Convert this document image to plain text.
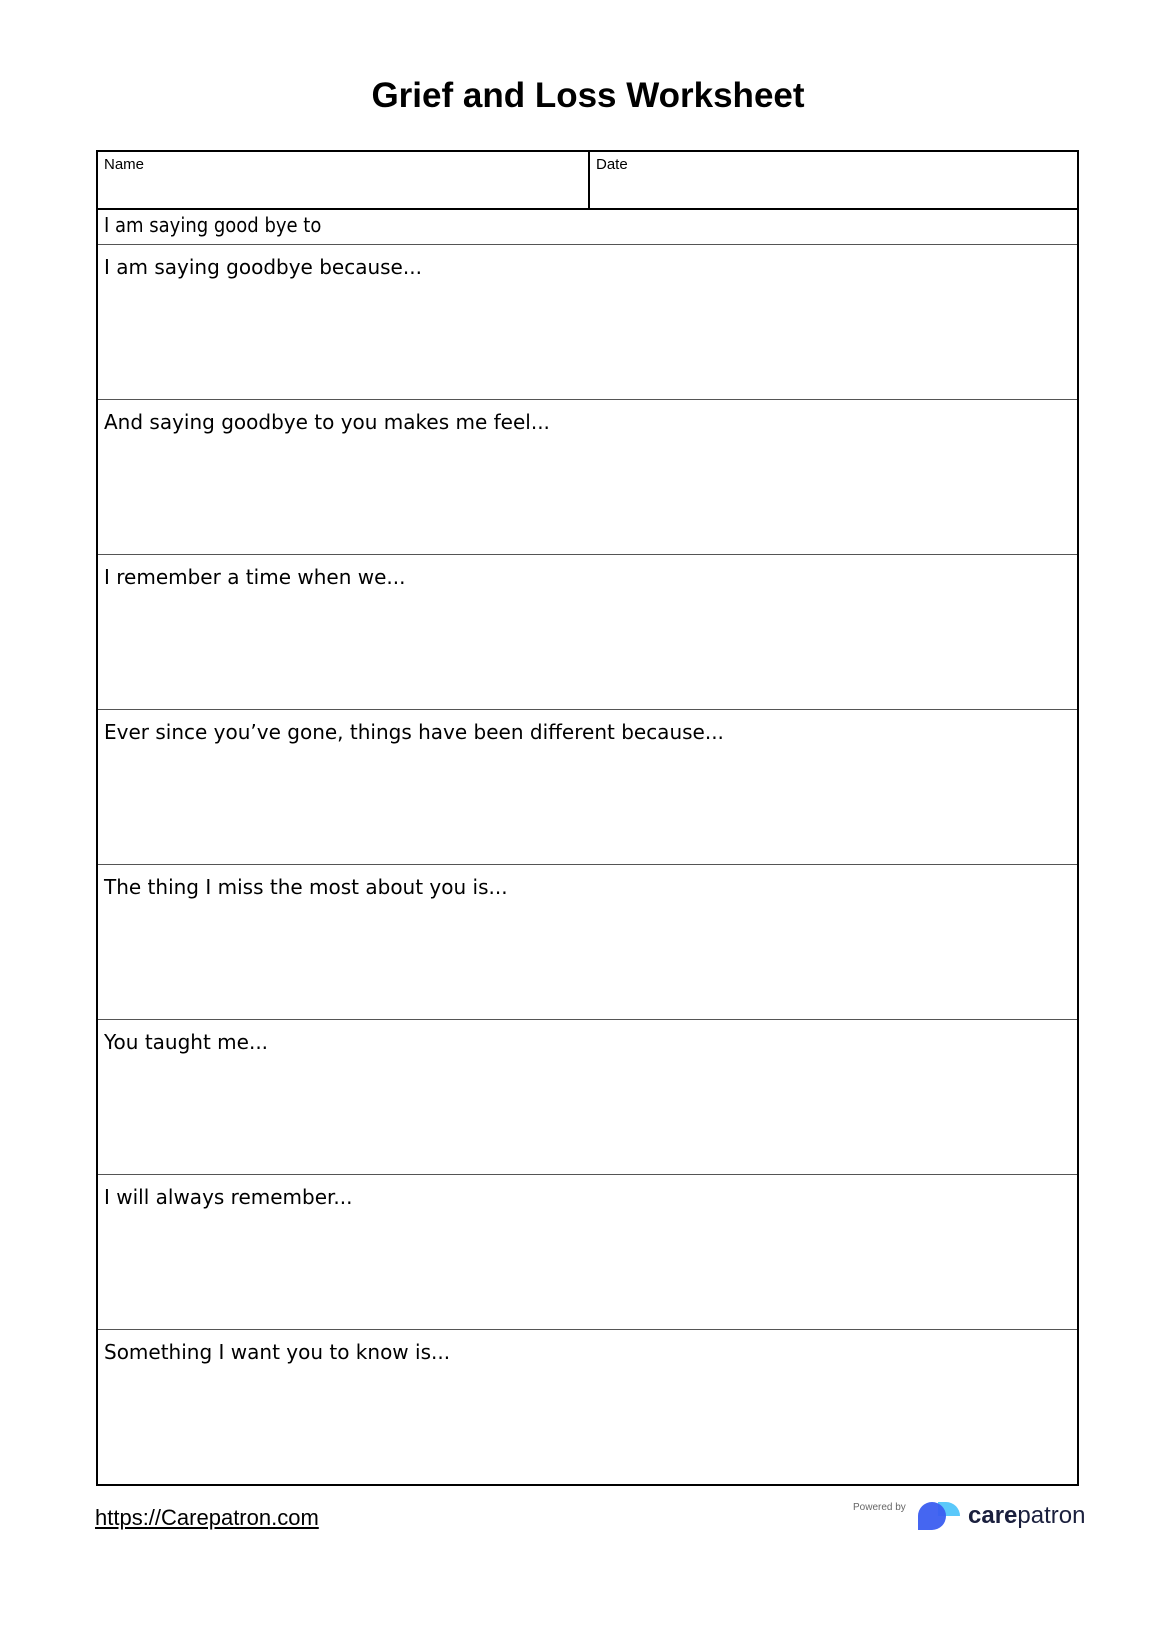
Grief and Loss Worksheet
Name	Date
I am saying good bye to
I am saying goodbye because...
And saying goodbye to you makes me feel...
I remember a time when we...
Ever since you’ve gone, things have been different because...
The thing I miss the most about you is...
You taught me...
I will always remember...
Something I want you to know is...
https://Carepatron.com	Powered by	carepatron
